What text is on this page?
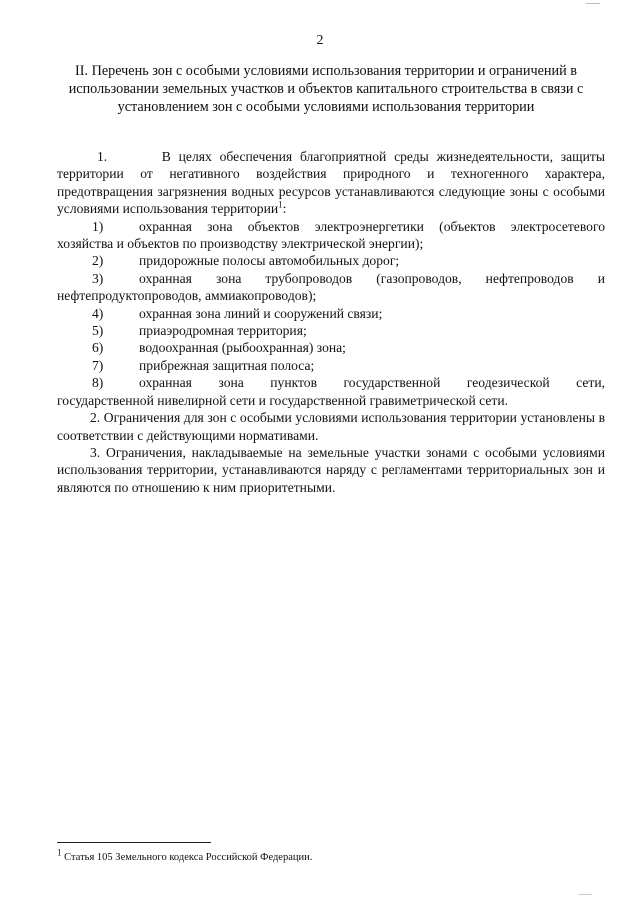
2
II. Перечень зон с особыми условиями использования территории и ограничений в использовании земельных участков и объектов капитального строительства в связи с установлением зон с особыми условиями использования территории

1.	В целях обеспечения благоприятной среды жизнедеятельности, защиты территории от негативного воздействия природного и техногенного характера, предотвращения загрязнения водных ресурсов устанавливаются следующие зоны с особыми условиями использования территории$^1$:

1)	охранная зона объектов электроэнергетики (объектов электросетевого

хозяйства и объектов по производству электрической энергии);

2)	придорожные полосы автомобильных дорог;
3)	охранная зона трубопроводов (газопроводов, нефтепроводов и

нефтепродуктопроводов, аммиакопроводов);

4)	охранная зона линий и сооружений связи;
5)	приаэродромная территория;
6)	водоохранная (рыбоохранная) зона;
7)	прибрежная защитная полоса;
8)	охранная зона пунктов государственной геодезической сети,

государственной нивелирной сети и государственной гравиметрической сети.

2. Ограничения для зон с особыми условиями использования территории установлены в соответствии с действующими нормативами.

3. Ограничения, накладываемые на земельные участки зонами с особыми условиями использования территории, устанавливаются наряду с регламентами территориальных зон и являются по отношению к ним приоритетными.

$^1$ Статья 105 Земельного кодекса Российской Федерации.
